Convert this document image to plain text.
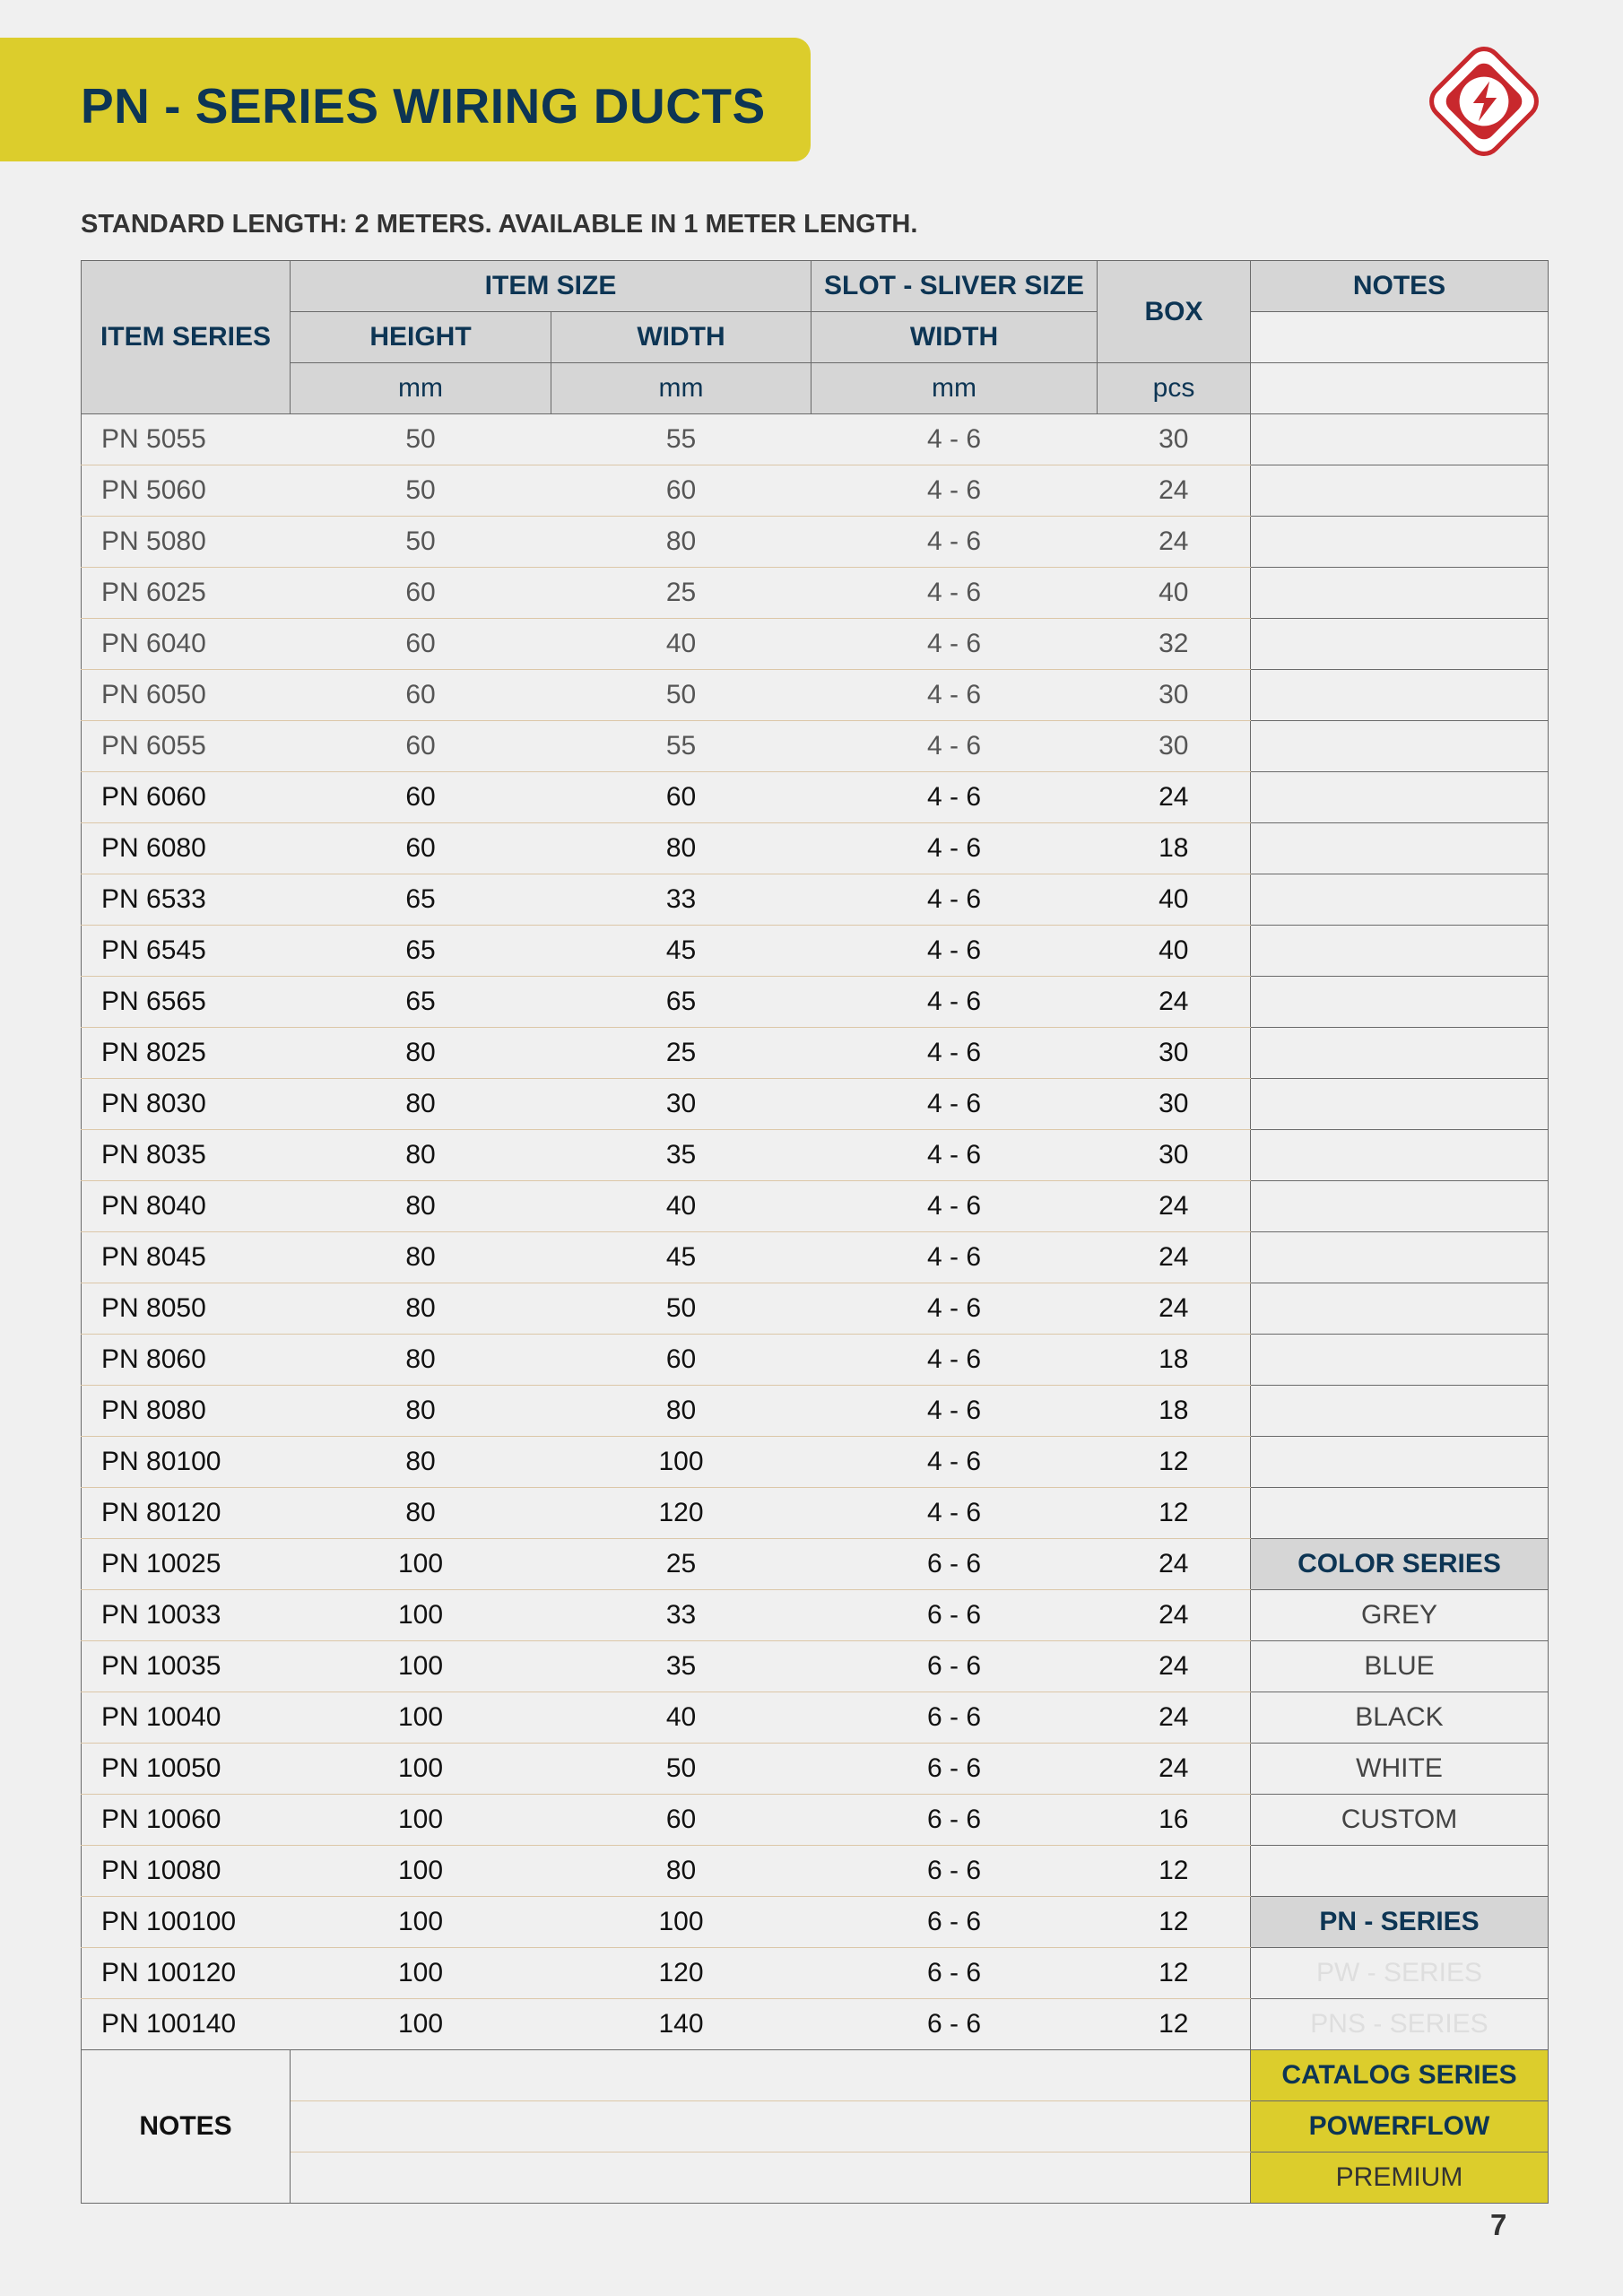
PN - SERIES WIRING DUCTS
STANDARD LENGTH: 2 METERS. AVAILABLE IN 1 METER LENGTH.
ITEM SERIES	ITEM SIZE		SLOT - SLIVER SIZE	BOX	NOTES
	HEIGHT	WIDTH	WIDTH		
	mm	mm	mm	pcs	
PN 5055	50	55	4 - 6	30	
PN 5060	50	60	4 - 6	24	
PN 5080	50	80	4 - 6	24	
PN 6025	60	25	4 - 6	40	
PN 6040	60	40	4 - 6	32	
PN 6050	60	50	4 - 6	30	
PN 6055	60	55	4 - 6	30	
PN 6060	60	60	4 - 6	24	
PN 6080	60	80	4 - 6	18	
PN 6533	65	33	4 - 6	40	
PN 6545	65	45	4 - 6	40	
PN 6565	65	65	4 - 6	24	
PN 8025	80	25	4 - 6	30	
PN 8030	80	30	4 - 6	30	
PN 8035	80	35	4 - 6	30	
PN 8040	80	40	4 - 6	24	
PN 8045	80	45	4 - 6	24	
PN 8050	80	50	4 - 6	24	
PN 8060	80	60	4 - 6	18	
PN 8080	80	80	4 - 6	18	
PN 80100	80	100	4 - 6	12	
PN 80120	80	120	4 - 6	12	
PN 10025	100	25	6 - 6	24	COLOR SERIES
PN 10033	100	33	6 - 6	24	GREY
PN 10035	100	35	6 - 6	24	BLUE
PN 10040	100	40	6 - 6	24	BLACK
PN 10050	100	50	6 - 6	24	WHITE
PN 10060	100	60	6 - 6	16	CUSTOM
PN 10080	100	80	6 - 6	12	
PN 100100	100	100	6 - 6	12	PN - SERIES
PN 100120	100	120	6 - 6	12	PW - SERIES
PN 100140	100	140	6 - 6	12	PNS - SERIES
NOTES					CATALOG SERIES
					POWERFLOW
					PREMIUM
7
